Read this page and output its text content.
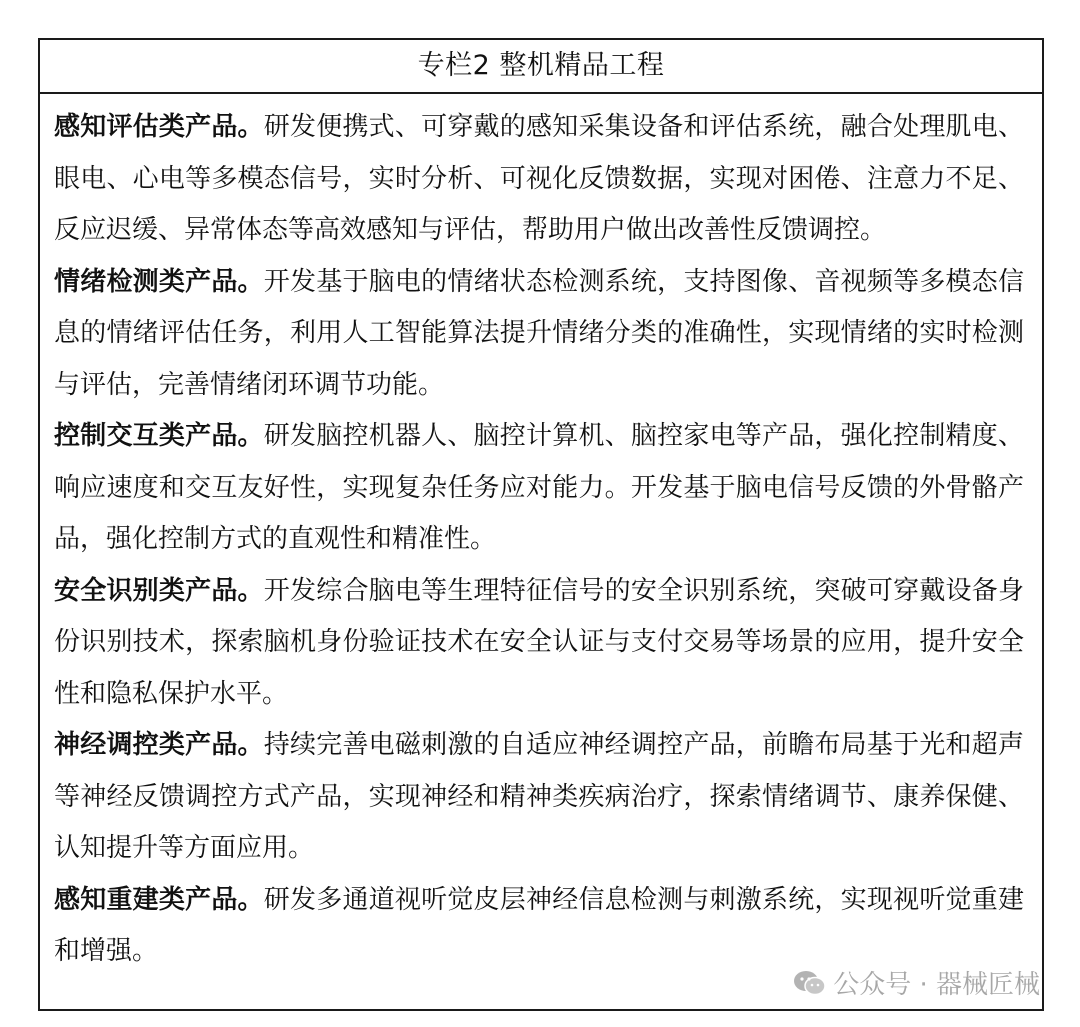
专栏2 整机精品工程

感知评估类产品。研发便携式、可穿戴的感知采集设备和评估系统，融合处理肌电、眼电、心电等多模态信号，实时分析、可视化反馈数据，实现对困倦、注意力不足、反应迟缓、异常体态等高效感知与评估，帮助用户做出改善性反馈调控。

情绪检测类产品。开发基于脑电的情绪状态检测系统，支持图像、音视频等多模态信息的情绪评估任务，利用人工智能算法提升情绪分类的准确性，实现情绪的实时检测与评估，完善情绪闭环调节功能。

控制交互类产品。研发脑控机器人、脑控计算机、脑控家电等产品，强化控制精度、响应速度和交互友好性，实现复杂任务应对能力。开发基于脑电信号反馈的外骨骼产品，强化控制方式的直观性和精准性。

安全识别类产品。开发综合脑电等生理特征信号的安全识别系统，突破可穿戴设备身份识别技术，探索脑机身份验证技术在安全认证与支付交易等场景的应用，提升安全性和隐私保护水平。

神经调控类产品。持续完善电磁刺激的自适应神经调控产品，前瞻布局基于光和超声等神经反馈调控方式产品，实现神经和精神类疾病治疗，探索情绪调节、康养保健、认知提升等方面应用。

感知重建类产品。研发多通道视听觉皮层神经信息检测与刺激系统，实现视听觉重建和增强。

公众号 · 器械匠械
